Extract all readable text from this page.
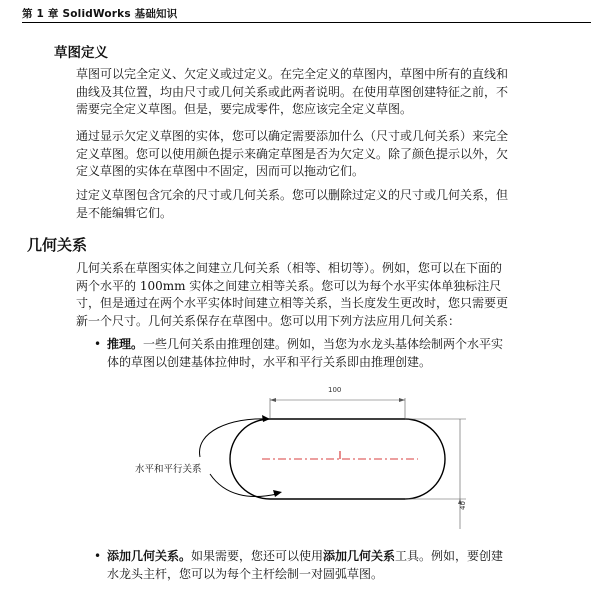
第 1 章 SolidWorks 基础知识
草图定义
草图可以完全定义、欠定义或过定义。在完全定义的草图内，草图中所有的直线和
曲线及其位置，均由尺寸或几何关系或此两者说明。在使用草图创建特征之前，不
需要完全定义草图。但是，要完成零件，您应该完全定义草图。
通过显示欠定义草图的实体，您可以确定需要添加什么（尺寸或几何关系）来完全
定义草图。您可以使用颜色提示来确定草图是否为欠定义。除了颜色提示以外，欠
定义草图的实体在草图中不固定，因而可以拖动它们。
过定义草图包含冗余的尺寸或几何关系。您可以删除过定义的尺寸或几何关系，但
是不能编辑它们。
几何关系
几何关系在草图实体之间建立几何关系（相等、相切等）。例如，您可以在下面的
两个水平的 100mm 实体之间建立相等关系。您可以为每个水平实体单独标注尺
寸，但是通过在两个水平实体时间建立相等关系，当长度发生更改时，您只需要更
新一个尺寸。几何关系保存在草图中。您可以用下列方法应用几何关系：
• 推理。一些几何关系由推理创建。例如，当您为水龙头基体绘制两个水平实
体的草图以创建基体拉伸时，水平和平行关系即由推理创建。
水平和平行关系
100
40
• 添加几何关系。如果需要，您还可以使用添加几何关系工具。例如，要创建
水龙头主杆，您可以为每个主杆绘制一对圆弧草图。
